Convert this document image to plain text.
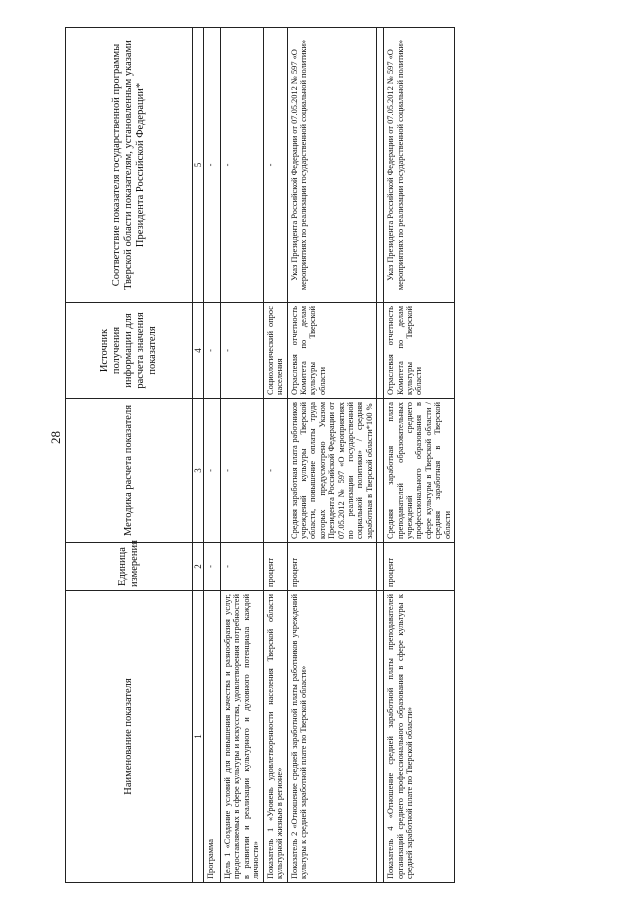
28
Наименование показателя	Единица измерения	Методика расчета показателя	Источник получения информации для расчета значения показателя	Соответствие показателя государственной программы Тверской области показателям, установленным указами Президента Российской Федерации*
1	2	3	4	5
Программа	-	-	-	-
Цель 1 «Создание условий для повышения качества и разнообразия услуг, предоставляемых в сфере культуры и искусства, удовлетворения потребностей в развитии и реализации культурного и духовного потенциала каждой личности»	-	-	-	-
Показатель 1 «Уровень удовлетворенности населения Тверской области культурной жизнью в регионе»	процент	-	Социологический опрос населения	-
Показатель 2 «Отношение средней заработной платы работников учреждений культуры к средней заработной плате по Тверской области»	процент	Средняя заработная плата работников учреждений культуры Тверской области, повышение оплаты труда которых предусмотрено Указом Президента Российской Федерации от 07.05.2012 № 597 «О мероприятиях по реализации государственной социальной политики» / средняя заработная в Тверской области*100 %	Отраслевая отчетность Комитета по делам культуры Тверской области	Указ Президента Российской Федерации от 07.05.2012 № 597 «О мероприятиях по реализации государственной социальной политики»

Показатель 4 «Отношение средней заработной платы преподавателей организаций среднего профессионального образования в сфере культуры к средней заработной плате по Тверской области»	процент	Средняя заработная плата преподавателей образовательных учреждений среднего профессионального образования в сфере культуры в Тверской области / средняя заработная в Тверской области	Отраслевая отчетность Комитета по делам культуры Тверской области	Указ Президента Российской Федерации от 07.05.2012 № 597 «О мероприятиях по реализации государственной социальной политики»
